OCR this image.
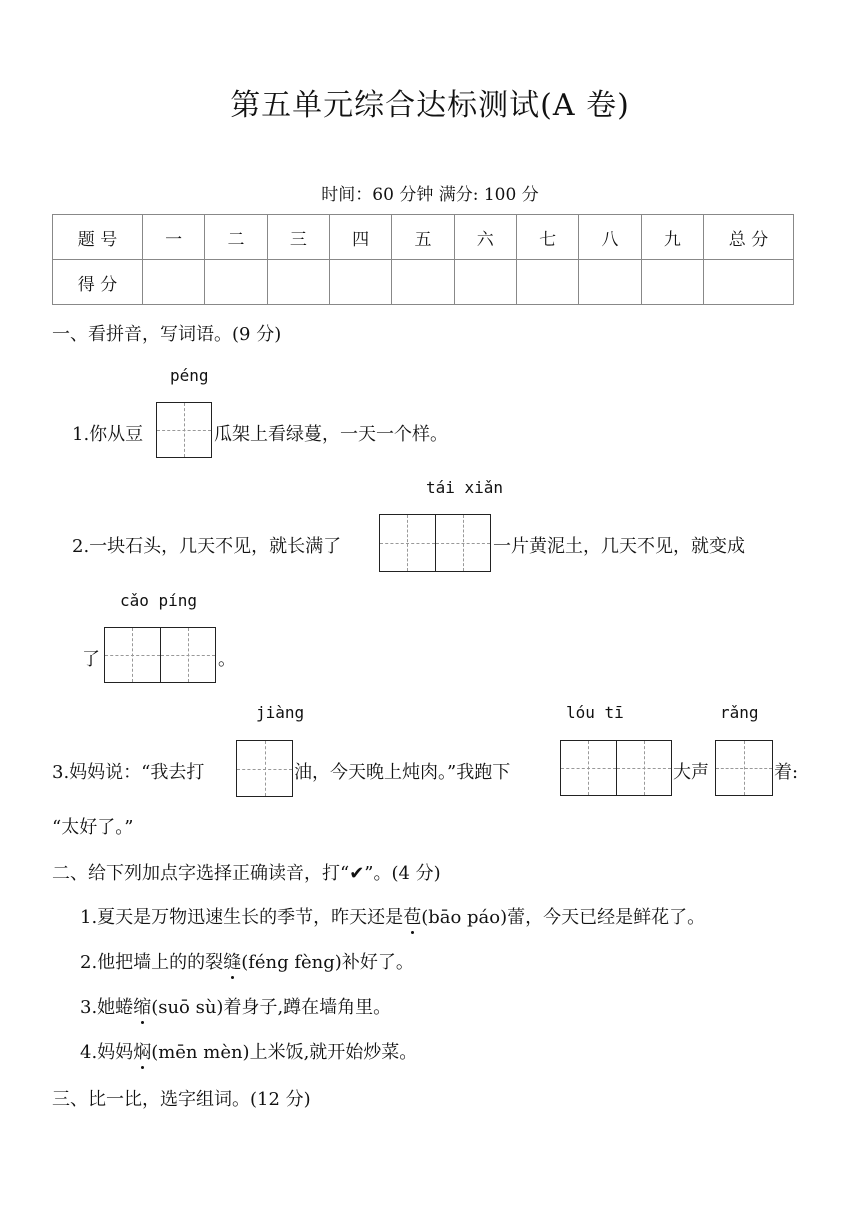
第五单元综合达标测试(A 卷)
时间：60 分钟 满分: 100 分
题 号	一	二	三	四	五	六	七	八	九	总 分
得 分										
一、看拼音，写词语。(9 分)
péng
1.你从豆	瓜架上看绿蔓，一天一个样。
tái xiǎn
2.一块石头，几天不见，就长满了	一片黄泥土，几天不见，就变成
cǎo píng
了	。
jiàng	lóu tī	rǎng
3.妈妈说：“我去打	油，今天晚上炖肉。”我跑下	大声	着:
“太好了。”
二、给下列加点字选择正确读音，打“✔”。(4 分)
1.夏天是万物迅速生长的季节，昨天还是苞(bāo páo)蕾，今天已经是鲜花了。
2.他把墙上的的裂缝(féng fèng)补好了。
3.她蜷缩(suō sù)着身子,蹲在墙角里。
4.妈妈焖(mēn mèn)上米饭,就开始炒菜。
三、比一比，选字组词。(12 分)
